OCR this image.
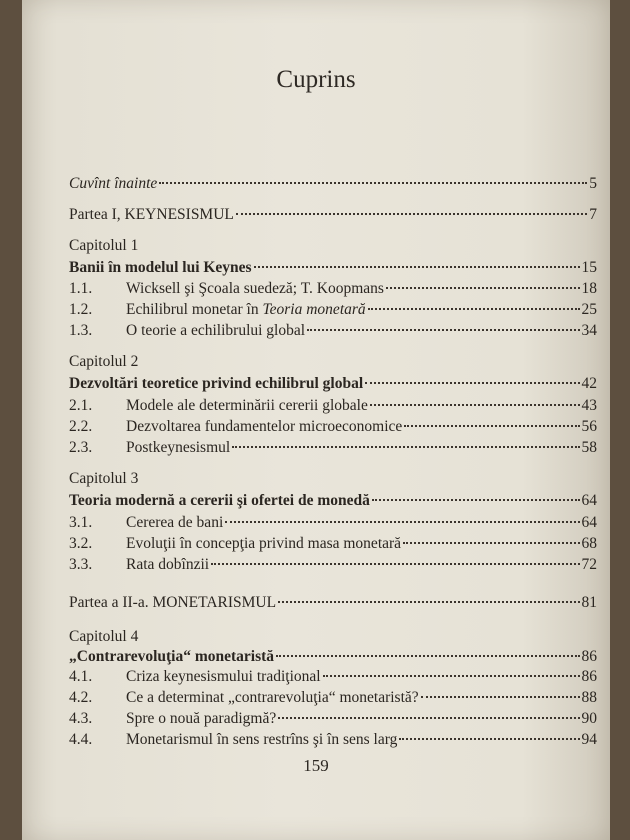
Cuprins
Cuvînt înainte	5
Partea I, KEYNESISMUL	7
Capitolul 1
Banii în modelul lui Keynes	15
1.1.	Wicksell şi Şcoala suedeză; T. Koopmans	18
1.2.	Echilibrul monetar în Teoria monetară	25
1.3.	O teorie a echilibrului global	34
Capitolul 2
Dezvoltări teoretice privind echilibrul global	42
2.1.	Modele ale determinării cererii globale	43
2.2.	Dezvoltarea fundamentelor microeconomice	56
2.3.	Postkeynesismul	58
Capitolul 3
Teoria modernă a cererii şi ofertei de monedă	64
3.1.	Cererea de bani	64
3.2.	Evoluţii în concepţia privind masa monetară	68
3.3.	Rata dobînzii	72
Partea a II-a. MONETARISMUL	81
Capitolul 4
„Contrarevoluţia“ monetaristă	86
4.1.	Criza keynesismului tradiţional	86
4.2.	Ce a determinat „contrarevoluţia“ monetaristă?	88
4.3.	Spre o nouă paradigmă?	90
4.4.	Monetarismul în sens restrîns şi în sens larg	94
159
